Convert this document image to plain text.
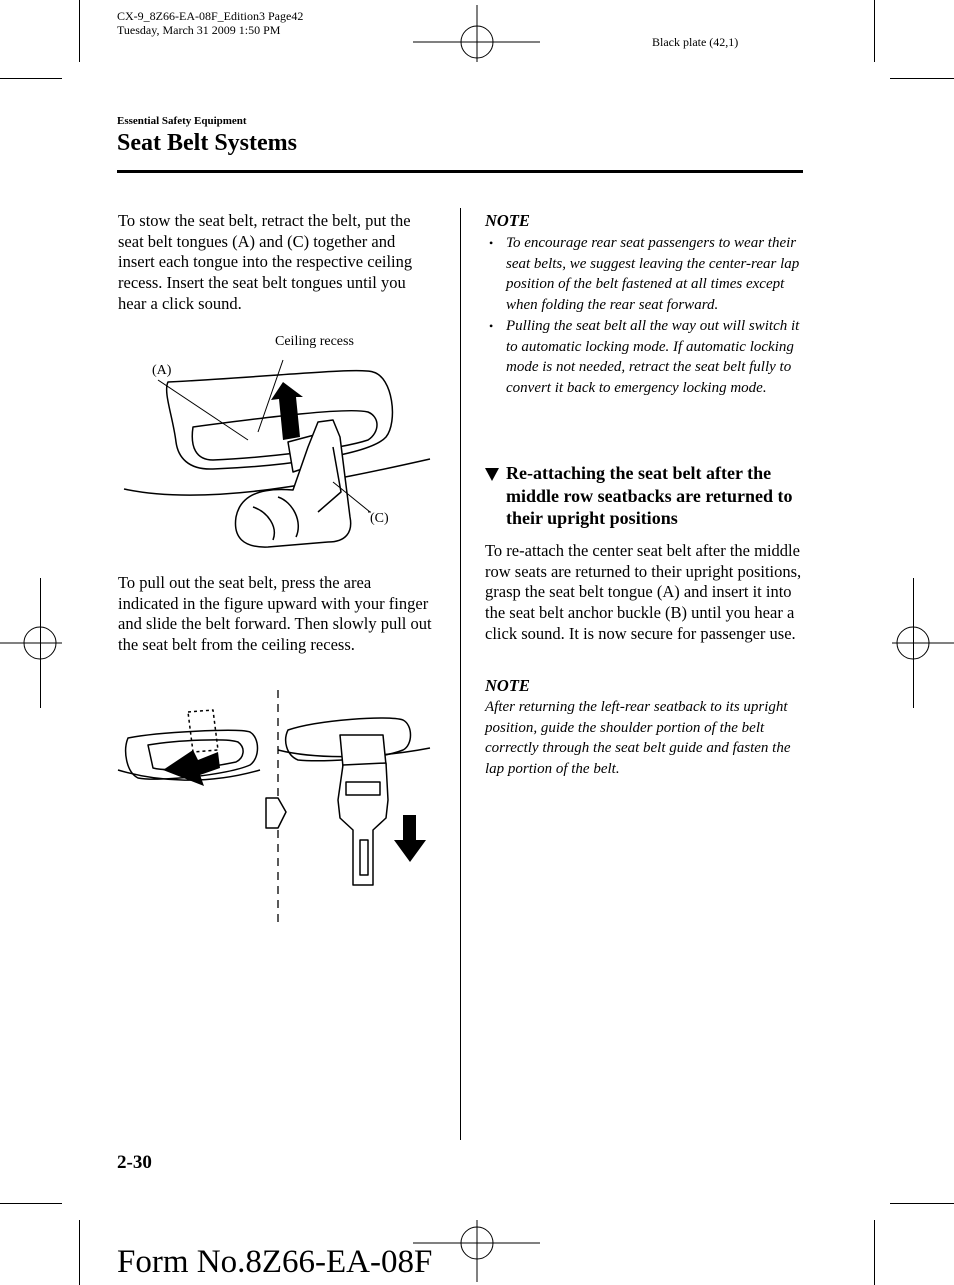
CX-9_8Z66-EA-08F_Edition3 Page42
Tuesday, March 31 2009 1:50 PM
Black plate (42,1)
Essential Safety Equipment
Seat Belt Systems
To stow the seat belt, retract the belt, put the seat belt tongues (A) and (C) together and insert each tongue into the respective ceiling recess. Insert the seat belt tongues until you hear a click sound.
Ceiling recess
(A)
(C)
To pull out the seat belt, press the area indicated in the figure upward with your finger and slide the belt forward. Then slowly pull out the seat belt from the ceiling recess.
NOTE
• To encourage rear seat passengers to wear their seat belts, we suggest leaving the center-rear lap position of the belt fastened at all times except when folding the rear seat forward.
• Pulling the seat belt all the way out will switch it to automatic locking mode. If automatic locking mode is not needed, retract the seat belt fully to convert it back to emergency locking mode.
Re-attaching the seat belt after the middle row seatbacks are returned to their upright positions
To re-attach the center seat belt after the middle row seats are returned to their upright positions, grasp the seat belt tongue (A) and insert it into the seat belt anchor buckle (B) until you hear a click sound. It is now secure for passenger use.
NOTE
After returning the left-rear seatback to its upright position, guide the shoulder portion of the belt correctly through the seat belt guide and fasten the lap portion of the belt.
2-30
Form No.8Z66-EA-08F
